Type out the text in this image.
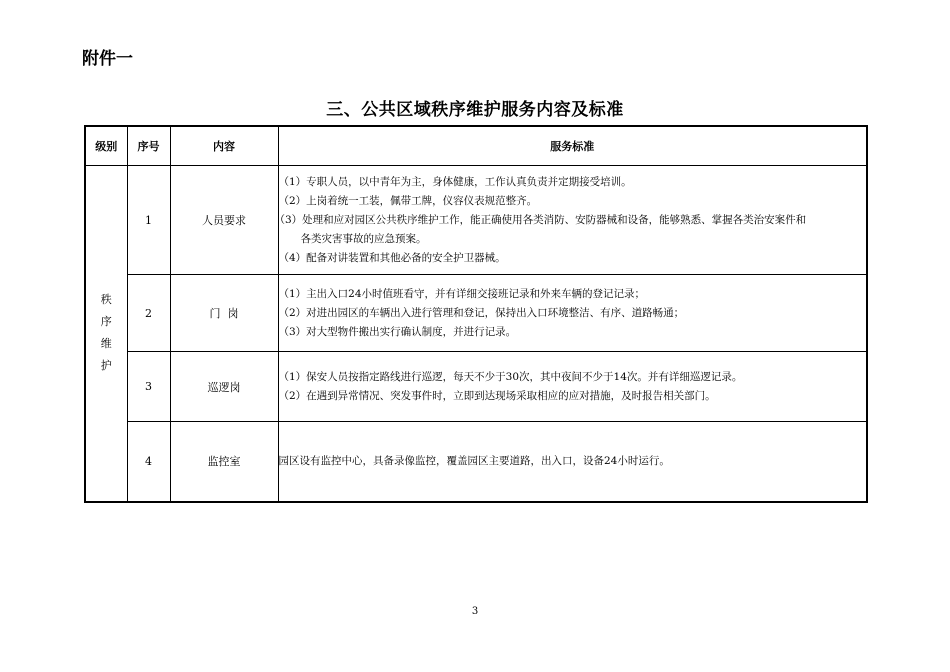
附件一
三、公共区域秩序维护服务内容及标准
级别	序号	内容	服务标准
秩序维护	1	人员要求	（1）专职人员，以中青年为主，身体健康，工作认真负责并定期接受培训。
（2）上岗着统一工装，佩带工牌，仪容仪表规范整齐。
（3）处理和应对园区公共秩序维护工作，能正确使用各类消防、安防器械和设备，能够熟悉、掌握各类治安案件和
各类灾害事故的应急预案。
（4）配备对讲装置和其他必备的安全护卫器械。

	2	门  岗	（1）主出入口24小时值班看守，并有详细交接班记录和外来车辆的登记记录；
（2）对进出园区的车辆出入进行管理和登记，保持出入口环境整洁、有序、道路畅通；
（3）对大型物件搬出实行确认制度，并进行记录。

	3	巡逻岗	（1）保安人员按指定路线进行巡逻，每天不少于30次，其中夜间不少于14次。并有详细巡逻记录。
（2）在遇到异常情况、突发事件时，立即到达现场采取相应的应对措施，及时报告相关部门。

	4	监控室	园区设有监控中心，具备录像监控，覆盖园区主要道路，出入口，设备24小时运行。
3
